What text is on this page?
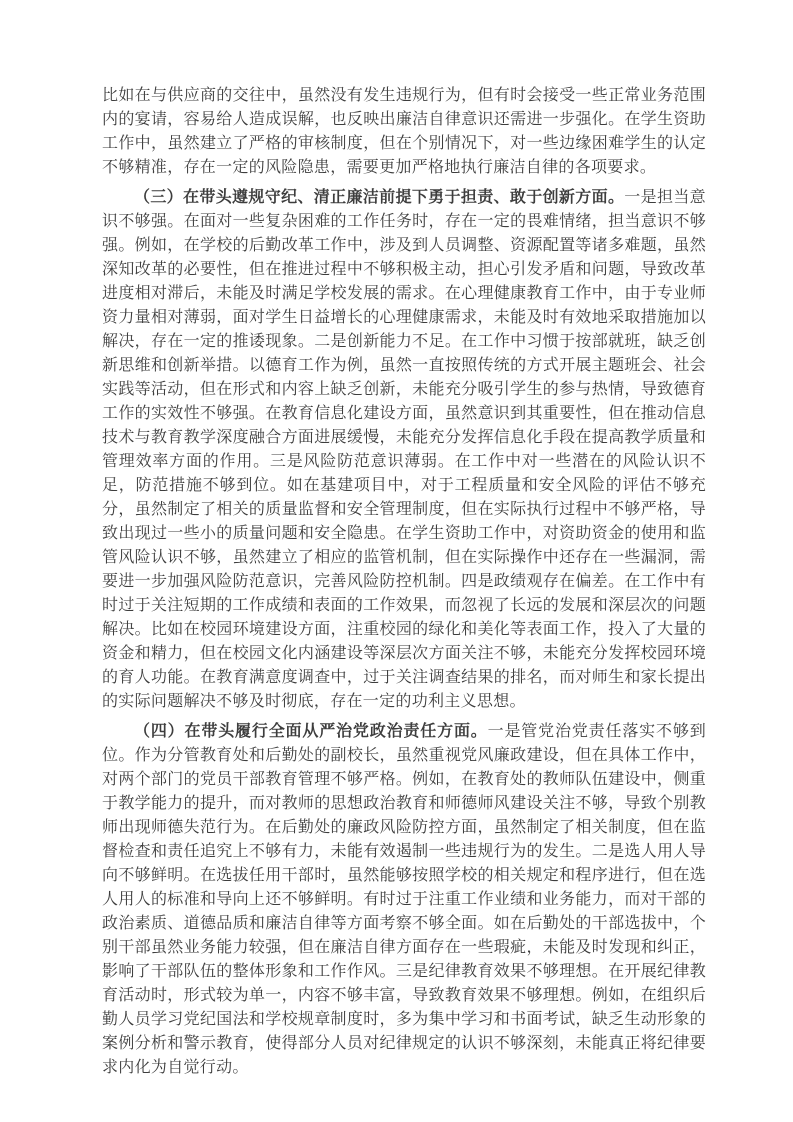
比如在与供应商的交往中，虽然没有发生违规行为，但有时会接受一些正常业务范围内的宴请，容易给人造成误解，也反映出廉洁自律意识还需进一步强化。在学生资助工作中，虽然建立了严格的审核制度，但在个别情况下，对一些边缘困难学生的认定不够精准，存在一定的风险隐患，需要更加严格地执行廉洁自律的各项要求。

（三）在带头遵规守纪、清正廉洁前提下勇于担责、敢于创新方面。一是担当意识不够强。在面对一些复杂困难的工作任务时，存在一定的畏难情绪，担当意识不够强。例如，在学校的后勤改革工作中，涉及到人员调整、资源配置等诸多难题，虽然深知改革的必要性，但在推进过程中不够积极主动，担心引发矛盾和问题，导致改革进度相对滞后，未能及时满足学校发展的需求。在心理健康教育工作中，由于专业师资力量相对薄弱，面对学生日益增长的心理健康需求，未能及时有效地采取措施加以解决，存在一定的推诿现象。二是创新能力不足。在工作中习惯于按部就班，缺乏创新思维和创新举措。以德育工作为例，虽然一直按照传统的方式开展主题班会、社会实践等活动，但在形式和内容上缺乏创新，未能充分吸引学生的参与热情，导致德育工作的实效性不够强。在教育信息化建设方面，虽然意识到其重要性，但在推动信息技术与教育教学深度融合方面进展缓慢，未能充分发挥信息化手段在提高教学质量和管理效率方面的作用。三是风险防范意识薄弱。在工作中对一些潜在的风险认识不足，防范措施不够到位。如在基建项目中，对于工程质量和安全风险的评估不够充分，虽然制定了相关的质量监督和安全管理制度，但在实际执行过程中不够严格，导致出现过一些小的质量问题和安全隐患。在学生资助工作中，对资助资金的使用和监管风险认识不够，虽然建立了相应的监管机制，但在实际操作中还存在一些漏洞，需要进一步加强风险防范意识，完善风险防控机制。四是政绩观存在偏差。在工作中有时过于关注短期的工作成绩和表面的工作效果，而忽视了长远的发展和深层次的问题解决。比如在校园环境建设方面，注重校园的绿化和美化等表面工作，投入了大量的资金和精力，但在校园文化内涵建设等深层次方面关注不够，未能充分发挥校园环境的育人功能。在教育满意度调查中，过于关注调查结果的排名，而对师生和家长提出的实际问题解决不够及时彻底，存在一定的功利主义思想。

（四）在带头履行全面从严治党政治责任方面。一是管党治党责任落实不够到位。作为分管教育处和后勤处的副校长，虽然重视党风廉政建设，但在具体工作中，对两个部门的党员干部教育管理不够严格。例如，在教育处的教师队伍建设中，侧重于教学能力的提升，而对教师的思想政治教育和师德师风建设关注不够，导致个别教师出现师德失范行为。在后勤处的廉政风险防控方面，虽然制定了相关制度，但在监督检查和责任追究上不够有力，未能有效遏制一些违规行为的发生。二是选人用人导向不够鲜明。在选拔任用干部时，虽然能够按照学校的相关规定和程序进行，但在选人用人的标准和导向上还不够鲜明。有时过于注重工作业绩和业务能力，而对干部的政治素质、道德品质和廉洁自律等方面考察不够全面。如在后勤处的干部选拔中，个别干部虽然业务能力较强，但在廉洁自律方面存在一些瑕疵，未能及时发现和纠正，影响了干部队伍的整体形象和工作作风。三是纪律教育效果不够理想。在开展纪律教育活动时，形式较为单一，内容不够丰富，导致教育效果不够理想。例如，在组织后勤人员学习党纪国法和学校规章制度时，多为集中学习和书面考试，缺乏生动形象的案例分析和警示教育，使得部分人员对纪律规定的认识不够深刻，未能真正将纪律要求内化为自觉行动。
